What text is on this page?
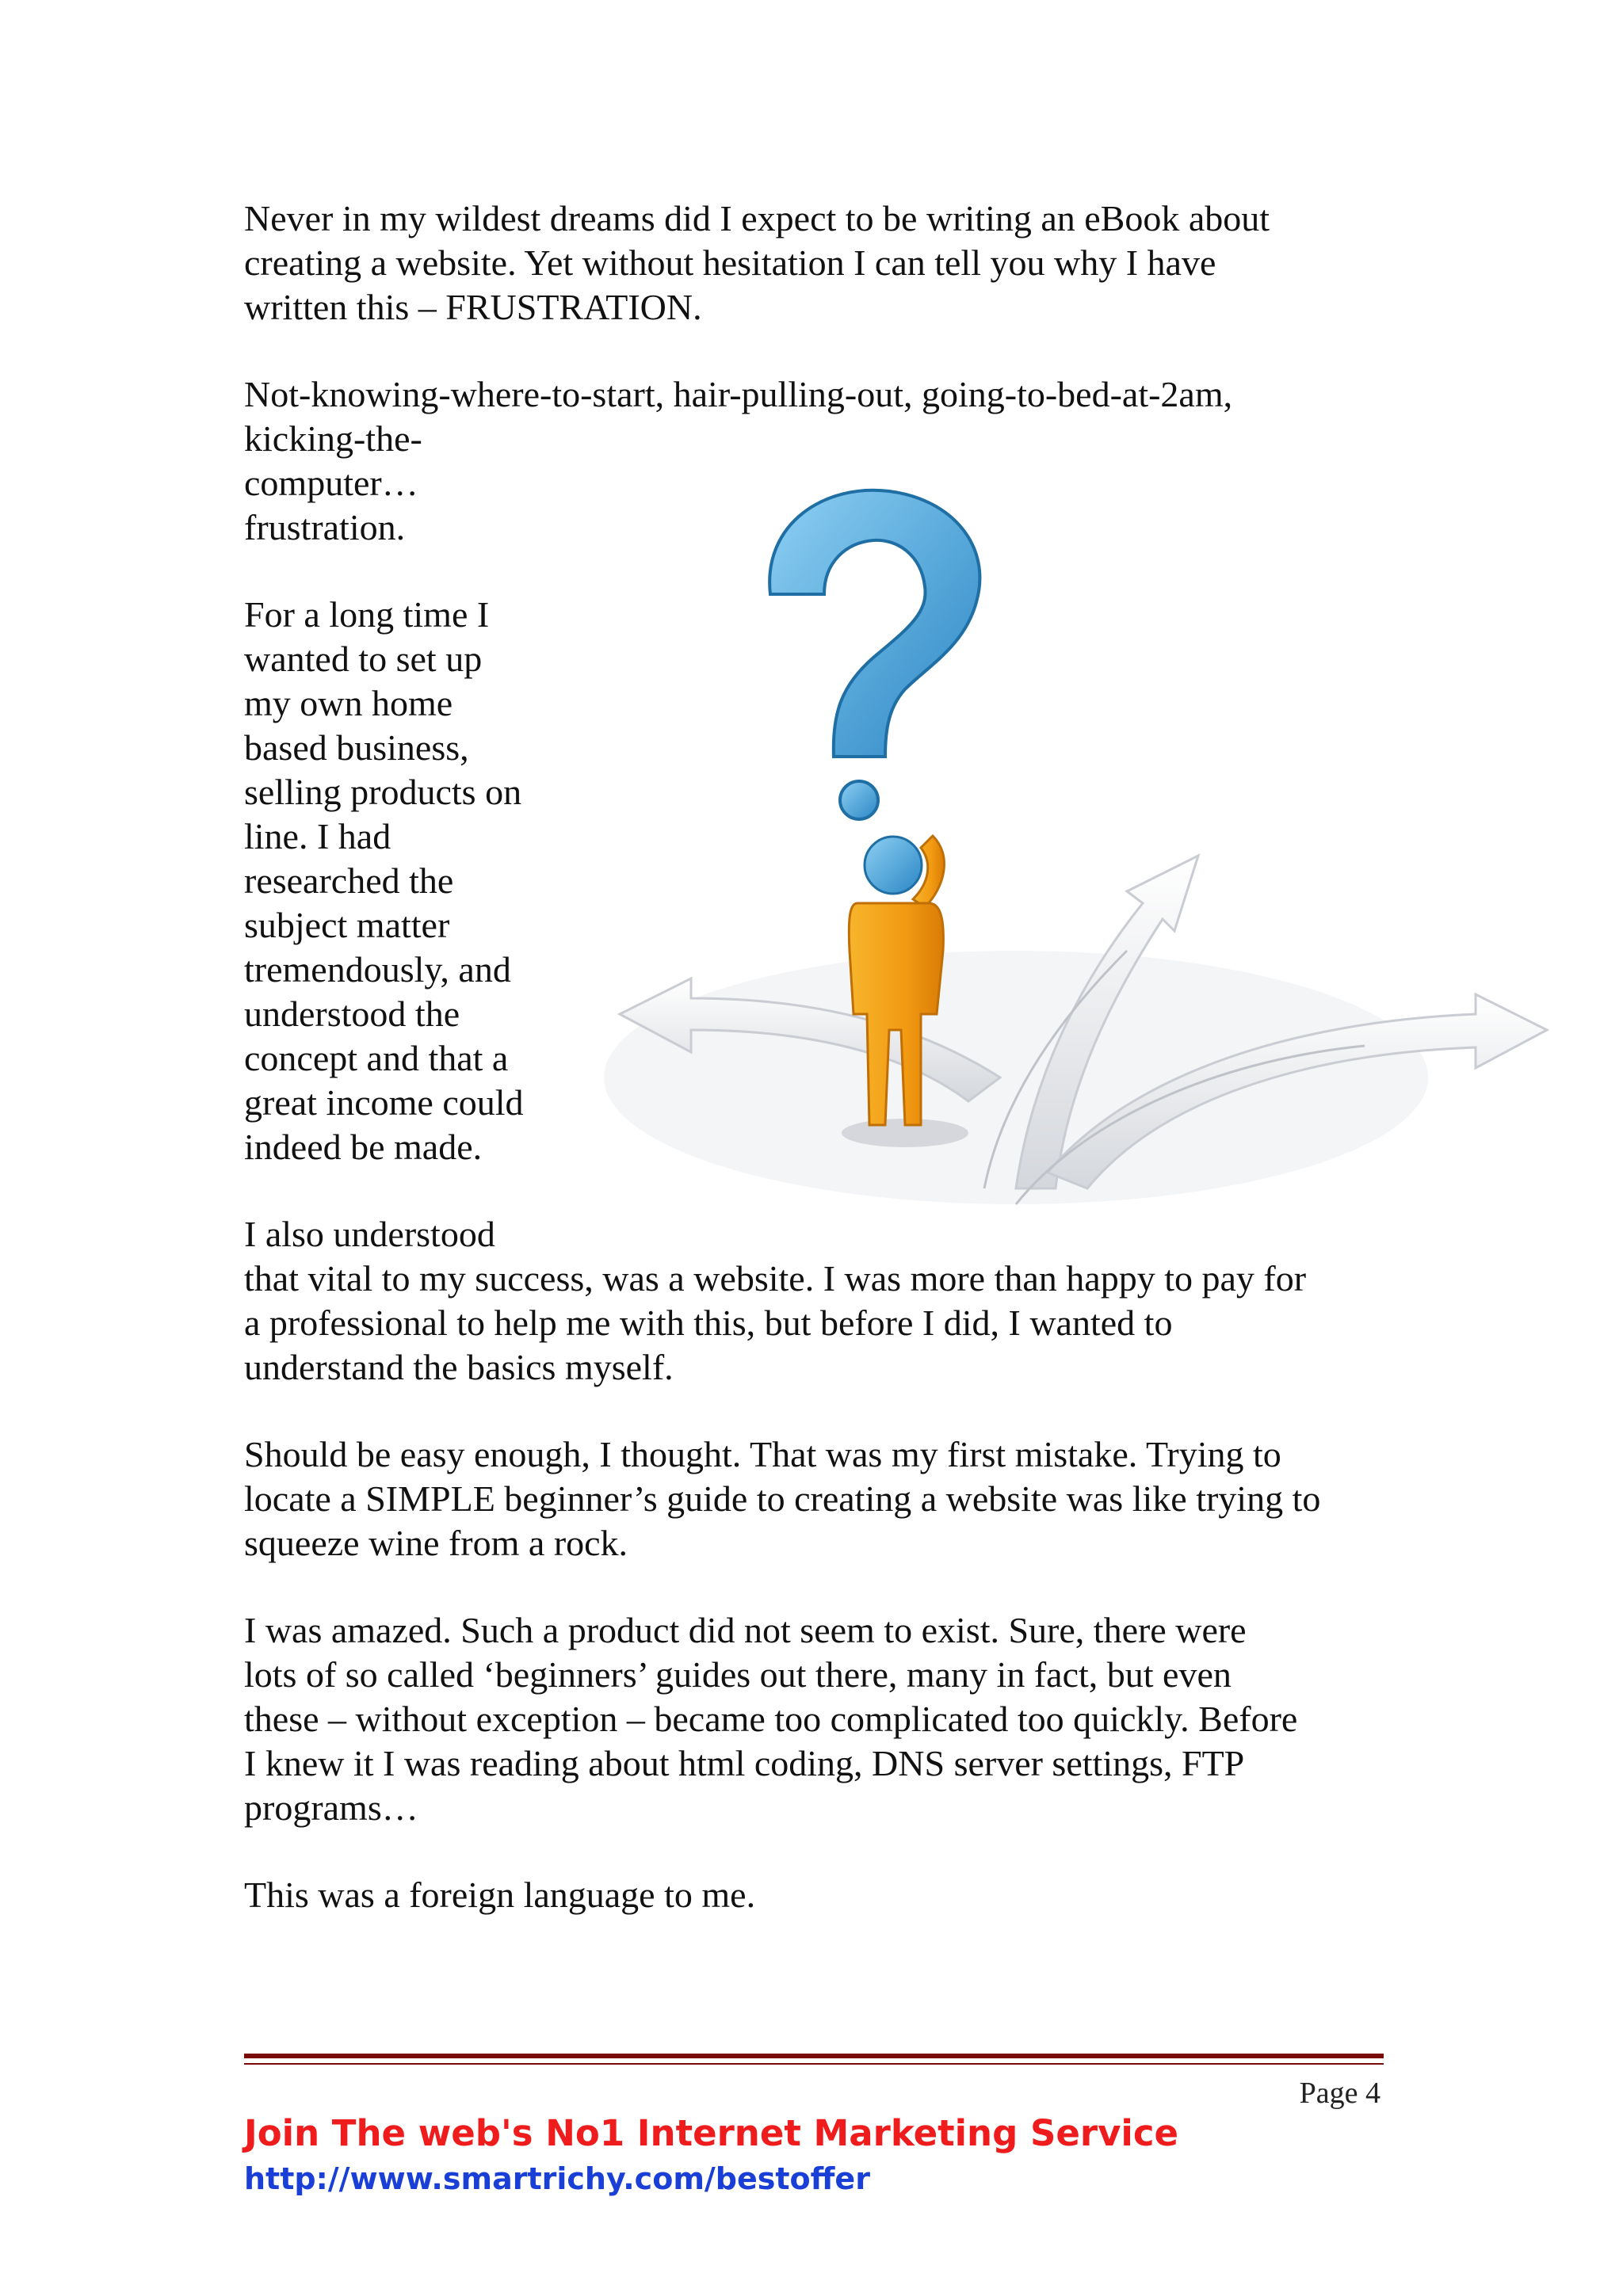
Never in my wildest dreams did I expect to be writing an eBook about
creating a website. Yet without hesitation I can tell you why I have
written this – FRUSTRATION.
Not-knowing-where-to-start, hair-pulling-out, going-to-bed-at-2am,
kicking-the-
computer…
frustration.
For a long time I
wanted to set up
my own home
based business,
selling products on
line. I had
researched the
subject matter
tremendously, and
understood the
concept and that a
great income could
indeed be made.
I also understood
that vital to my success, was a website. I was more than happy to pay for
a professional to help me with this, but before I did, I wanted to
understand the basics myself.
Should be easy enough, I thought. That was my first mistake. Trying to
locate a SIMPLE beginner’s guide to creating a website was like trying to
squeeze wine from a rock.
I was amazed. Such a product did not seem to exist. Sure, there were
lots of so called ‘beginners’ guides out there, many in fact, but even
these – without exception – became too complicated too quickly. Before
I knew it I was reading about html coding, DNS server settings, FTP
programs…
This was a foreign language to me.
Page 4
Join The web's No1 Internet Marketing Service
http://www.smartrichy.com/bestoffer
